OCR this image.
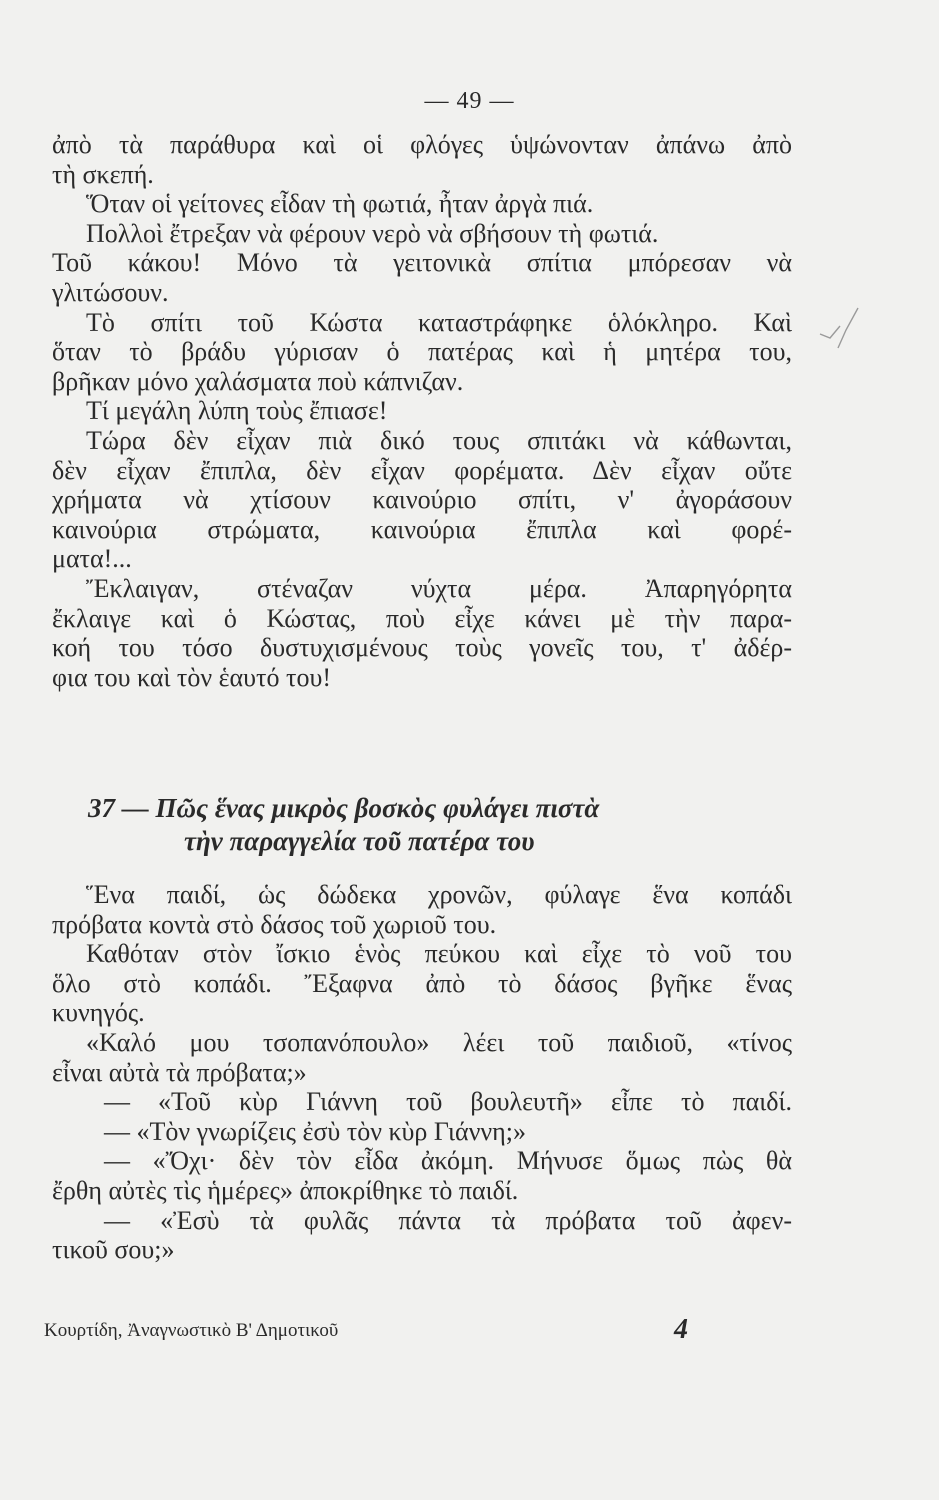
— 49 —
ἀπὸ τὰ παράθυρα καὶ οἱ φλόγες ὑψώνονταν ἀπάνω ἀπὸ
τὴ σκεπή.
Ὅταν οἱ γείτονες εἶδαν τὴ φωτιά, ἦταν ἀργὰ πιά.
Πολλοὶ ἔτρεξαν νὰ φέρουν νερὸ νὰ σβήσουν τὴ φωτιά.
Τοῦ κάκου! Μόνο τὰ γειτονικὰ σπίτια μπόρεσαν νὰ
γλιτώσουν.
Τὸ σπίτι τοῦ Κώστα καταστράφηκε ὁλόκληρο. Καὶ
ὅταν τὸ βράδυ γύρισαν ὁ πατέρας καὶ ἡ μητέρα του,
βρῆκαν μόνο χαλάσματα ποὺ κάπνιζαν.
Τί μεγάλη λύπη τοὺς ἔπιασε!
Τώρα δὲν εἶχαν πιὰ δικό τους σπιτάκι νὰ κάθωνται,
δὲν εἶχαν ἔπιπλα, δὲν εἶχαν φορέματα. Δὲν εἶχαν οὔτε
χρήματα νὰ χτίσουν καινούριο σπίτι, ν' ἀγοράσουν
καινούρια στρώματα, καινούρια ἔπιπλα καὶ φορέ-
ματα!...
Ἔκλαιγαν, στέναζαν νύχτα μέρα. Ἀπαρηγόρητα
ἔκλαιγε καὶ ὁ Κώστας, ποὺ εἶχε κάνει μὲ τὴν παρα-
κοή του τόσο δυστυχισμένους τοὺς γονεῖς του, τ' ἀδέρ-
φια του καὶ τὸν ἑαυτό του!
37 — Πῶς ἕνας μικρὸς βοσκὸς φυλάγει πιστὰ
τὴν παραγγελία τοῦ πατέρα του
Ἕνα παιδί, ὡς δώδεκα χρονῶν, φύλαγε ἕνα κοπάδι
πρόβατα κοντὰ στὸ δάσος τοῦ χωριοῦ του.
Καθόταν στὸν ἴσκιο ἑνὸς πεύκου καὶ εἶχε τὸ νοῦ του
ὅλο στὸ κοπάδι. Ἔξαφνα ἀπὸ τὸ δάσος βγῆκε ἕνας
κυνηγός.
«Καλό μου τσοπανόπουλο» λέει τοῦ παιδιοῦ, «τίνος
εἶναι αὐτὰ τὰ πρόβατα;»
— «Τοῦ κὺρ Γιάννη τοῦ βουλευτῆ» εἶπε τὸ παιδί.
— «Τὸν γνωρίζεις ἐσὺ τὸν κὺρ Γιάννη;»
— «Ὄχι· δὲν τὸν εἶδα ἀκόμη. Μήνυσε ὅμως πὼς θὰ
ἔρθη αὐτὲς τὶς ἡμέρες» ἀποκρίθηκε τὸ παιδί.
— «Ἐσὺ τὰ φυλᾶς πάντα τὰ πρόβατα τοῦ ἀφεν-
τικοῦ σου;»
Κουρτίδη, Ἀναγνωστικὸ Β' Δημοτικοῦ	4
